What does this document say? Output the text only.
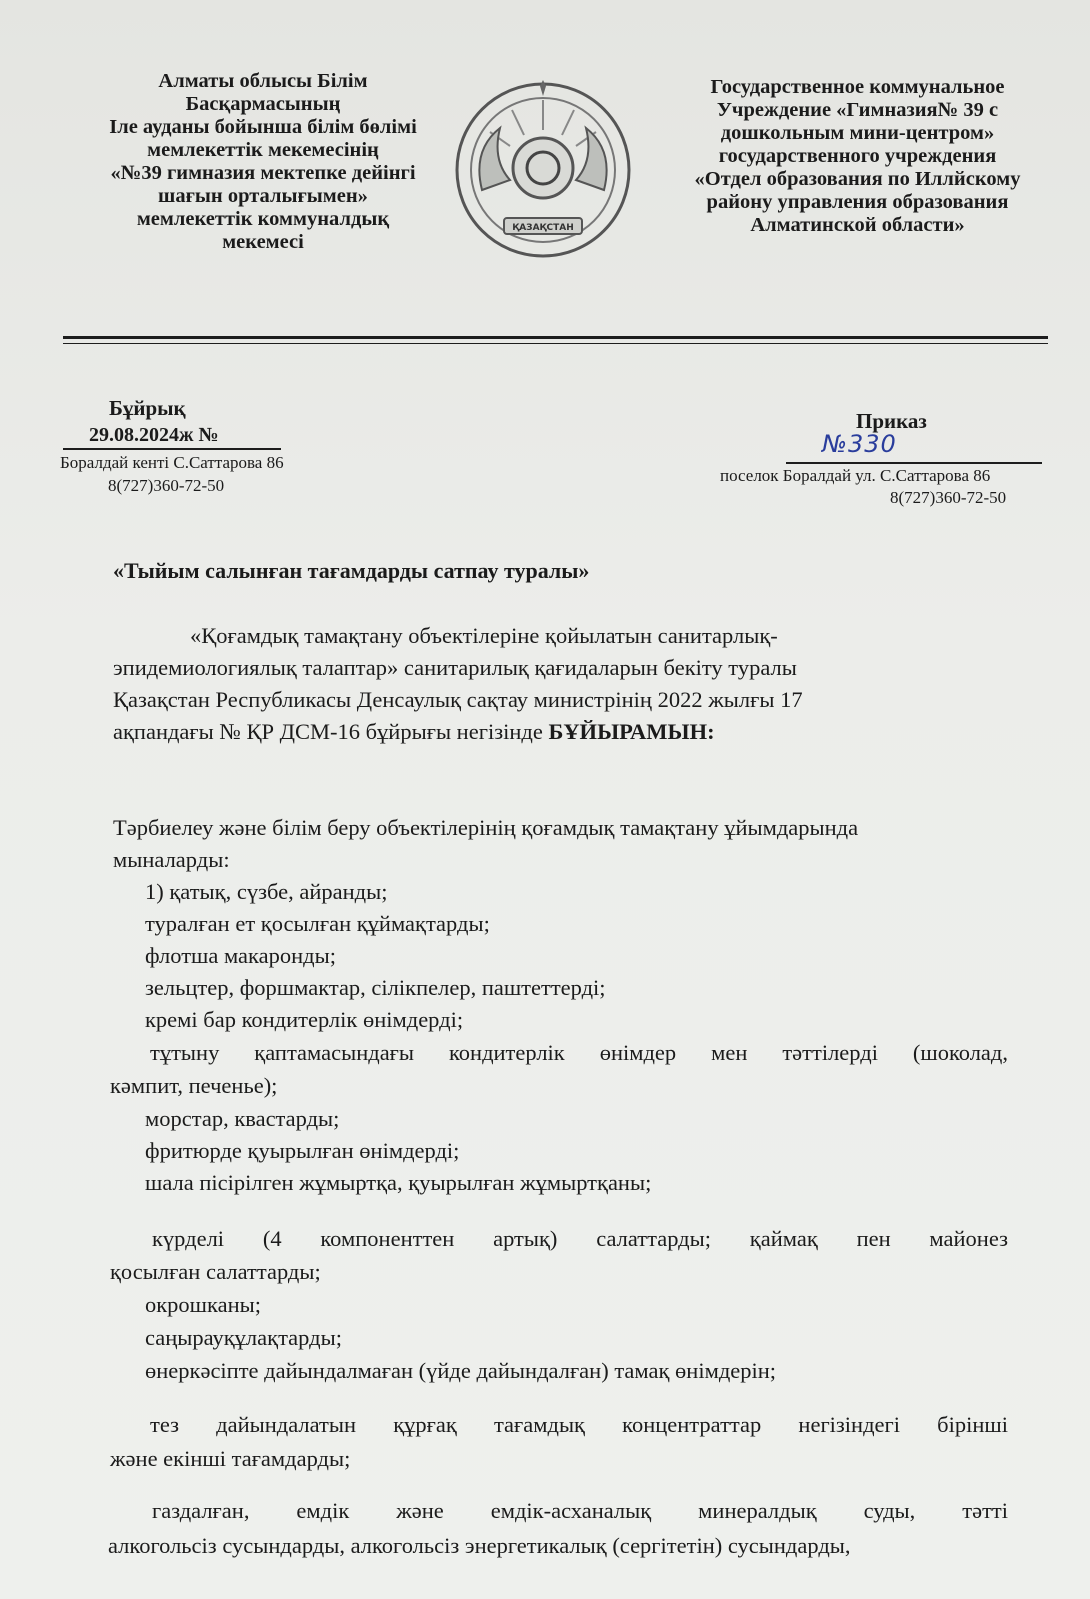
Алматы облысы Білім
Басқармасының
Іле ауданы бойынша білім бөлімі
мемлекеттік мекемесінің
«№39 гимназия мектепке дейінгі
шағын орталығымен»
мемлекеттік коммуналдық
мекемесі
ҚАЗАҚСТАН
Государственное коммунальное
Учреждение «Гимназия№ 39 с
дошкольным мини-центром»
государственного учреждения
«Отдел образования по Иллйскому
району управления образования
Алматинской области»
Бұйрық
29.08.2024ж №
Боралдай кенті С.Саттарова 86
8(727)360-72-50
Приказ
№330
поселок Боралдай ул. С.Саттарова 86
8(727)360-72-50
«Тыйым салынған тағамдарды сатпау туралы»
«Қоғамдық тамақтану объектілеріне қойылатын санитарлық-
эпидемиологиялық талаптар» санитарилық қағидаларын бекіту туралы
Қазақстан Республикасы Денсаулық сақтау министрінің 2022 жылғы 17
ақпандағы № ҚР ДСМ-16 бұйрығы негізінде БҰЙЫРАМЫН:
Тәрбиелеу және білім беру объектілерінің қоғамдық тамақтану ұйымдарында
мыналарды:
1) қатық, сүзбе, айранды;
туралған ет қосылған құймақтарды;
флотша макаронды;
зельцтер, форшмактар, сілікпелер, паштеттерді;
кремі бар кондитерлік өнімдерді;
тұтыну қаптамасындағы кондитерлік өнімдер мен тәттілерді (шоколад,
кәмпит, печенье);
морстар, квастарды;
фритюрде қуырылған өнімдерді;
шала пісірілген жұмыртқа, қуырылған жұмыртқаны;
күрделі (4 компоненттен артық) салаттарды; қаймақ пен майонез
қосылған салаттарды;
окрошканы;
саңырауқұлақтарды;
өнеркәсіпте дайындалмаған (үйде дайындалған) тамақ өнімдерін;
тез дайындалатын құрғақ тағамдық концентраттар негізіндегі бірінші
және екінші тағамдарды;
газдалған, емдік және емдік-асханалық минералдық суды, тәтті
алкогольсіз сусындарды, алкогольсіз энергетикалық (сергітетін) сусындарды,
